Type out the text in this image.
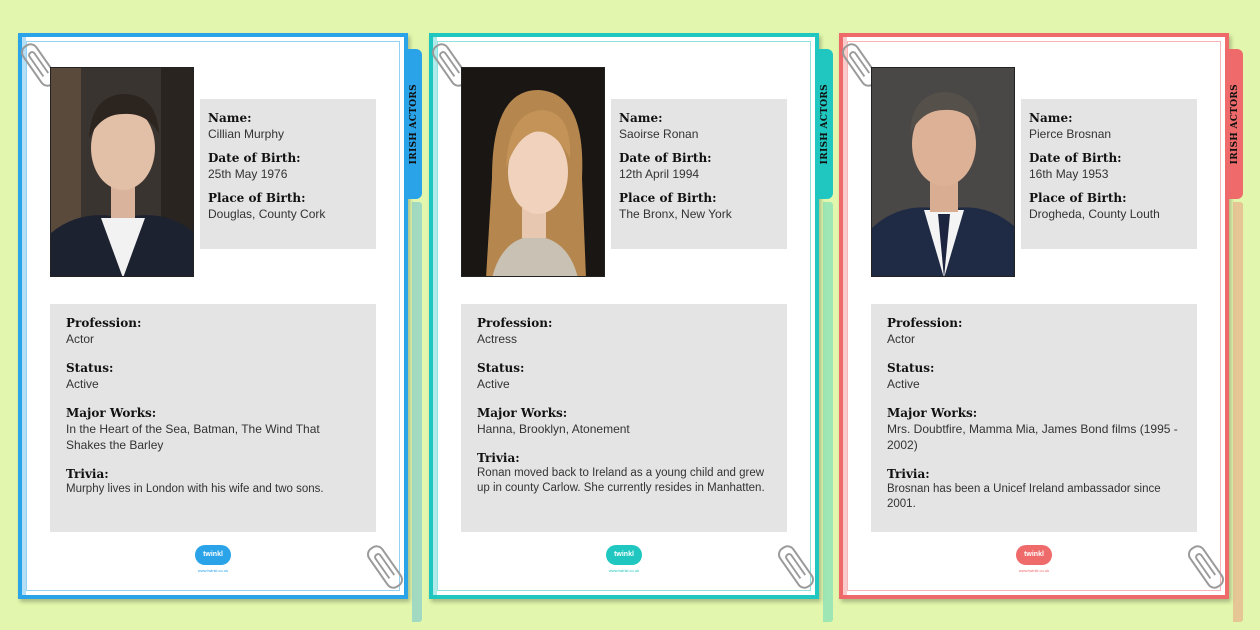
IRISH ACTORS
Name:
Cillian Murphy
Date of Birth:
25th May 1976
Place of Birth:
Douglas, County Cork
Profession:
Actor
Status:
Active
Major Works:
In the Heart of the Sea, Batman, The Wind That Shakes the Barley
Trivia:
Murphy lives in London with his wife and two sons.
twinkl
www.twinkl.co.uk
IRISH ACTORS
Name:
Saoirse Ronan
Date of Birth:
12th April 1994
Place of Birth:
The Bronx, New York
Profession:
Actress
Status:
Active
Major Works:
Hanna, Brooklyn, Atonement
Trivia:
Ronan moved back to Ireland as a young child and grew up in county Carlow. She currently resides in Manhatten.
twinkl
www.twinkl.co.uk
IRISH ACTORS
Name:
Pierce Brosnan
Date of Birth:
16th May 1953
Place of Birth:
Drogheda, County Louth
Profession:
Actor
Status:
Active
Major Works:
Mrs. Doubtfire, Mamma Mia, James Bond films (1995 - 2002)
Trivia:
Brosnan has been a Unicef Ireland ambassador since 2001.
twinkl
www.twinkl.co.uk
